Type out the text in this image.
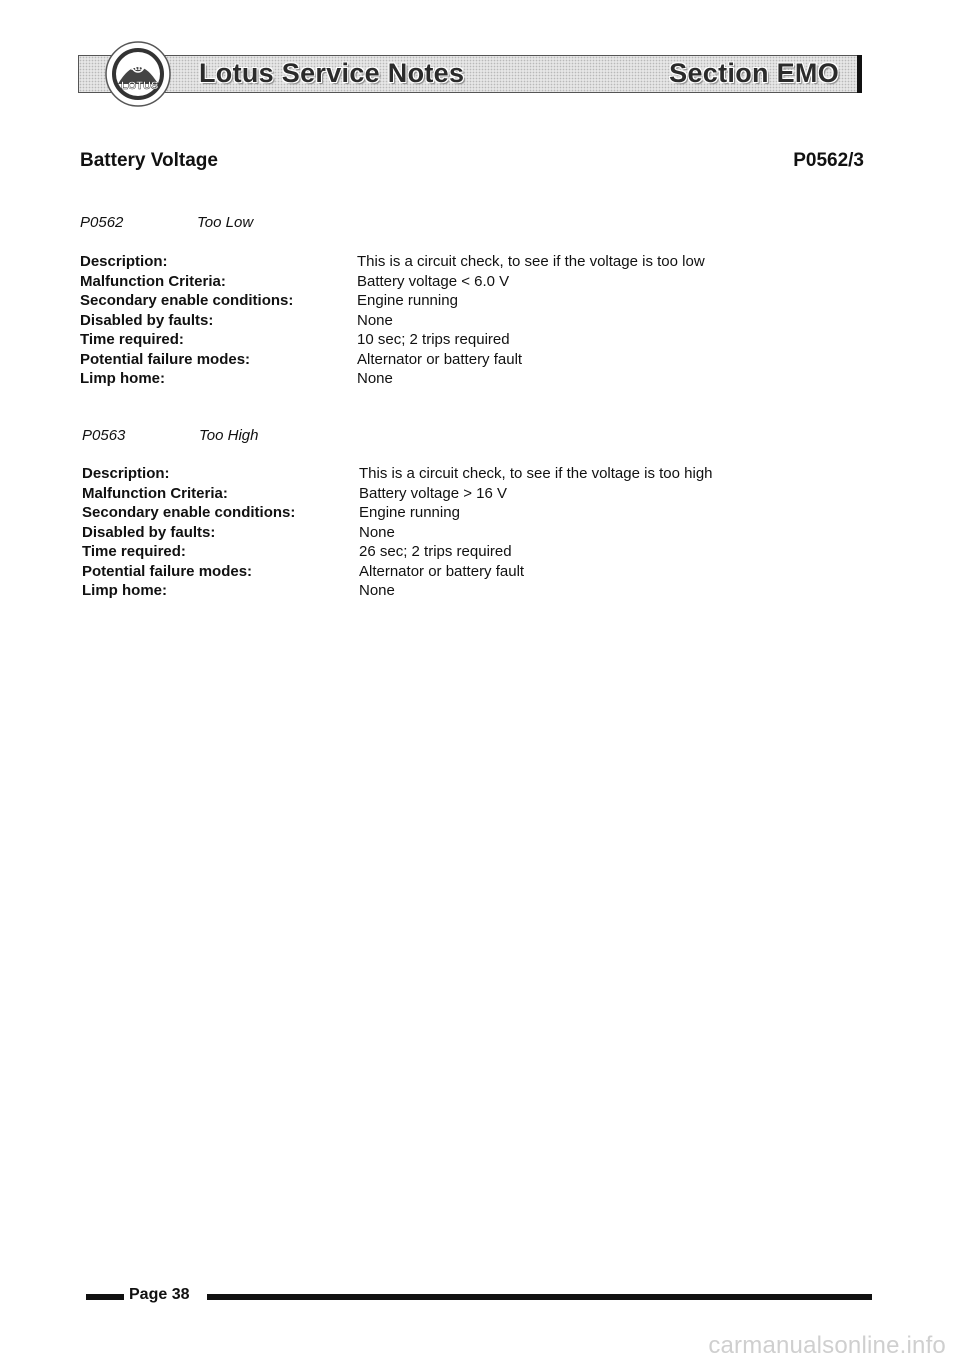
Lotus Service Notes	Section EMO
AB
LOTUS
Battery Voltage	P0562/3
P0562	Too Low
Description:	This is a circuit check, to see if the voltage is too low
Malfunction Criteria:	Battery voltage < 6.0 V
Secondary enable conditions:	Engine running
Disabled by faults:	None
Time required:	10 sec; 2 trips required
Potential failure modes:	Alternator or battery fault
Limp home:	None
P0563	Too High
Description:	This is a circuit check, to see if the voltage is too high
Malfunction Criteria:	Battery voltage > 16 V
Secondary enable conditions:	Engine running
Disabled by faults:	None
Time required:	26 sec; 2 trips required
Potential failure modes:	Alternator or battery fault
Limp home:	None
Page 38
carmanualsonline.info
